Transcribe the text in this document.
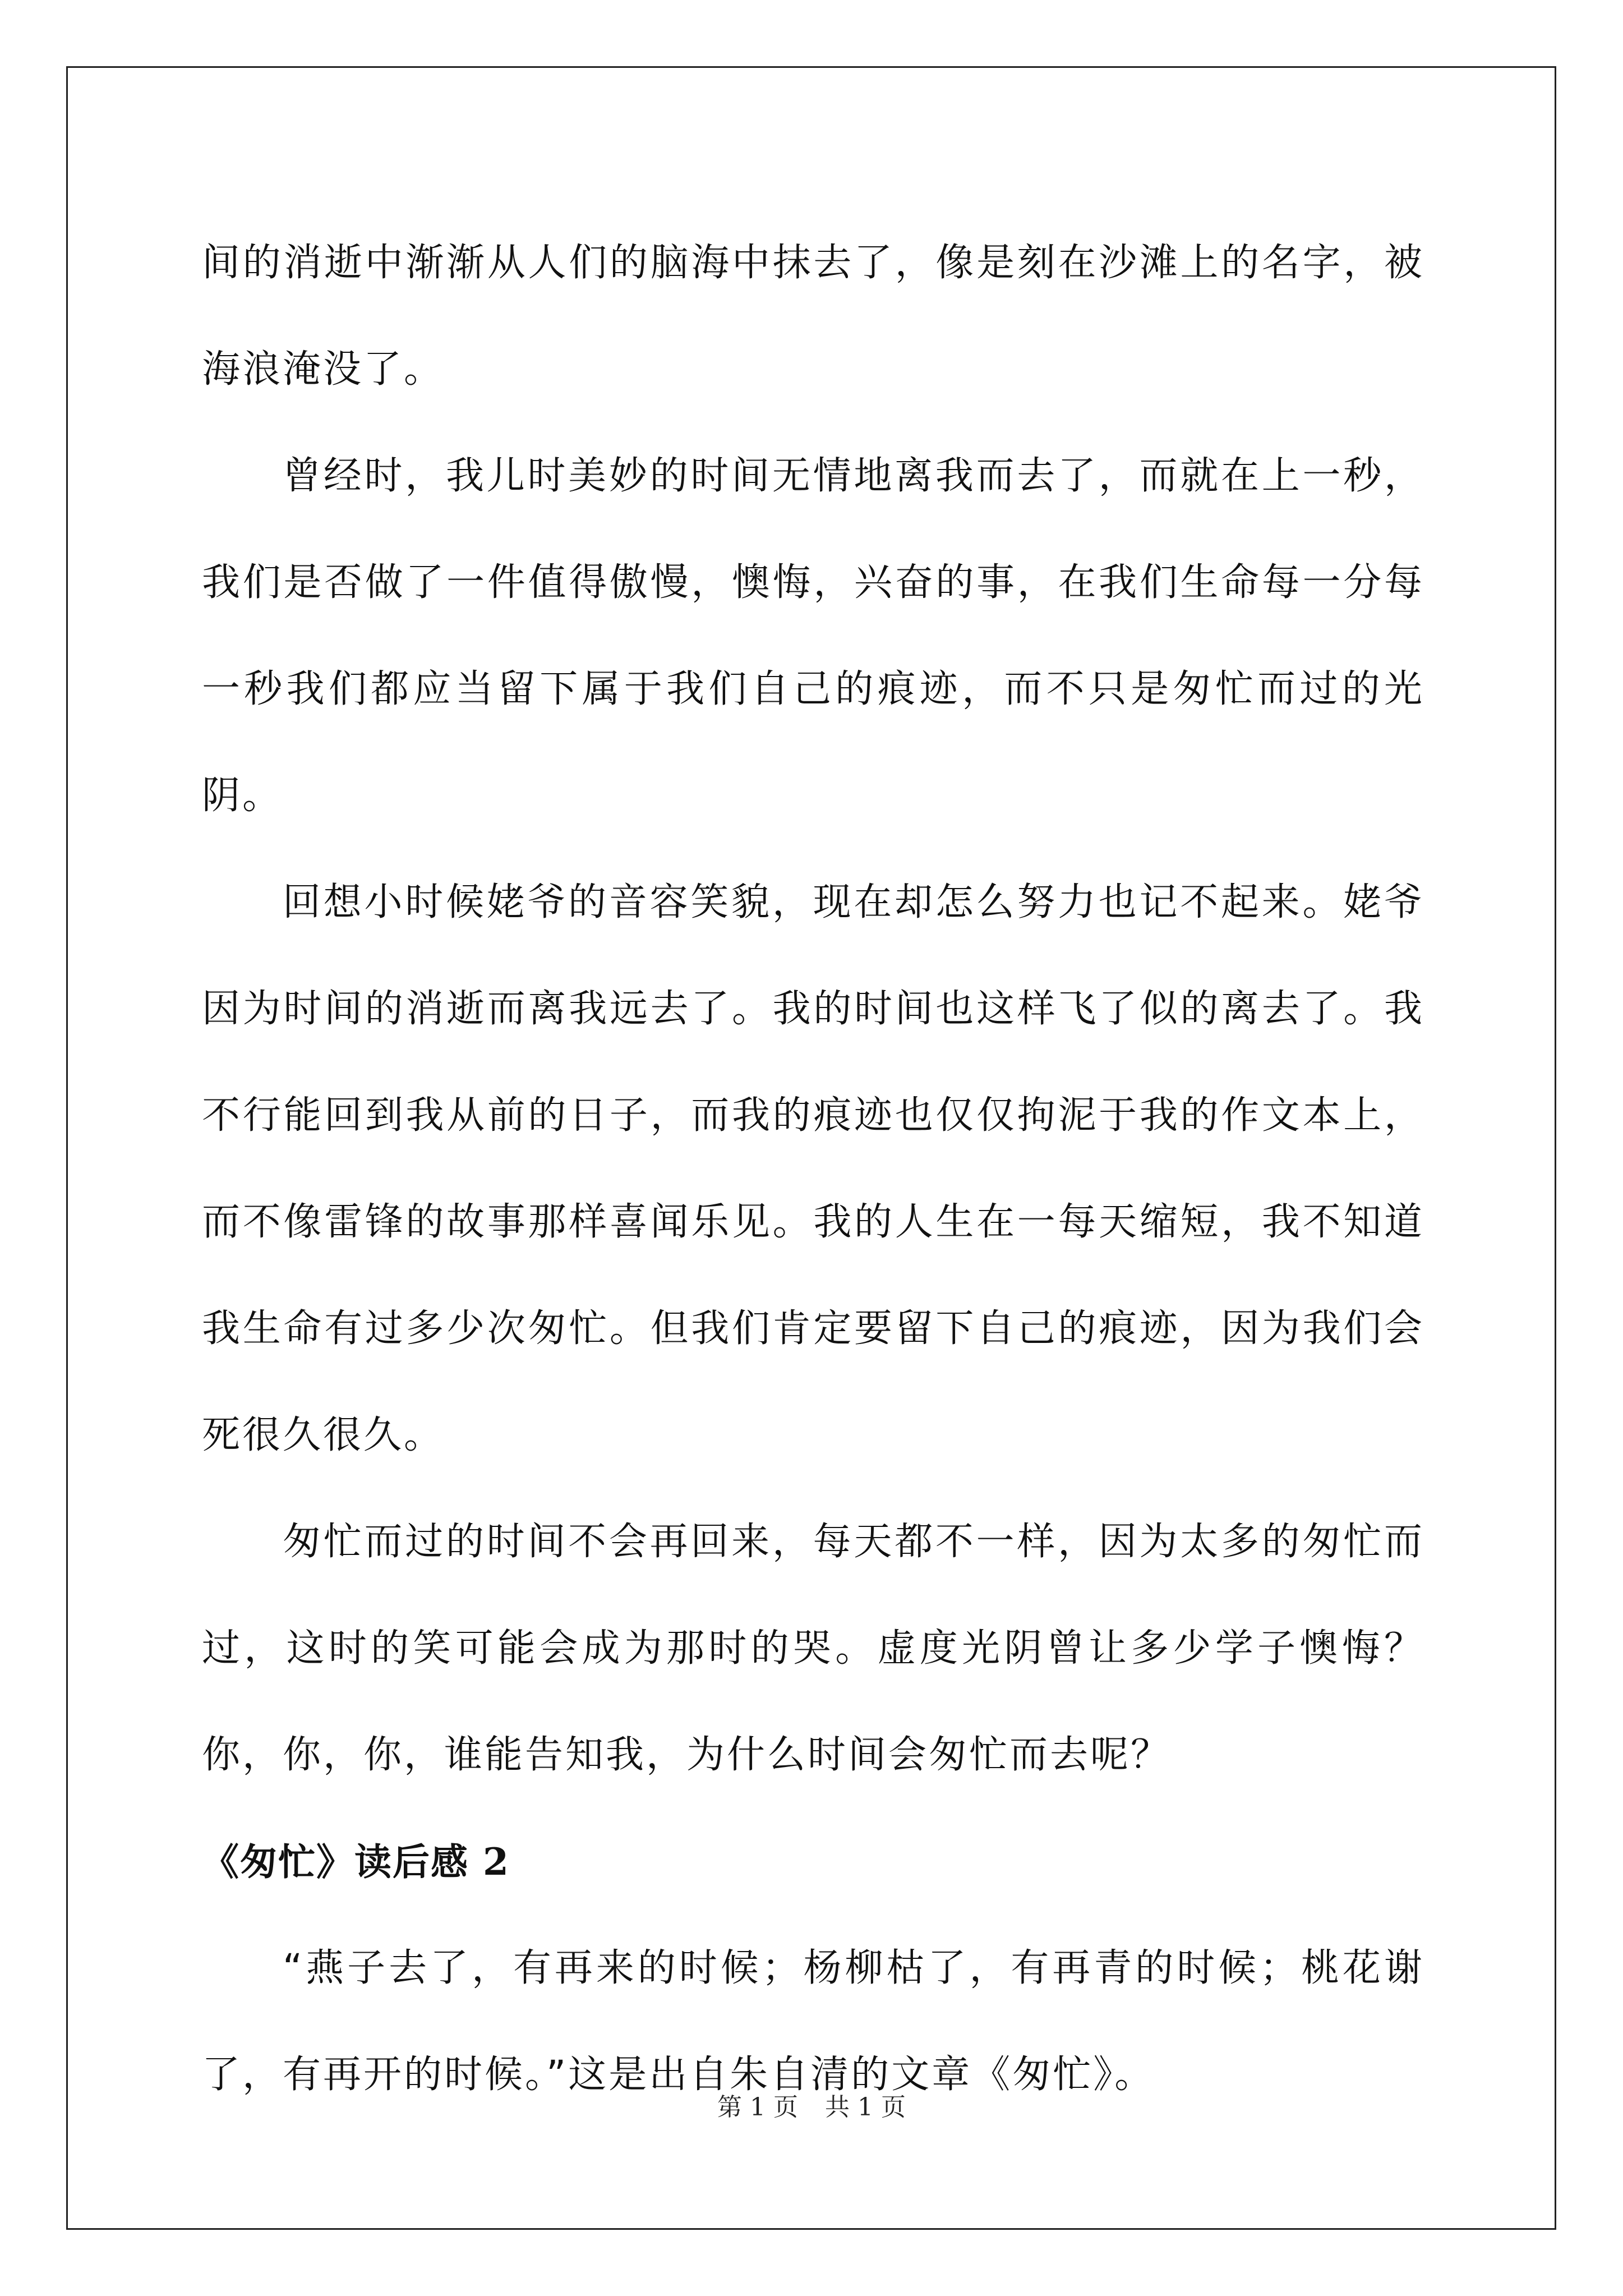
间的消逝中渐渐从人们的脑海中抹去了，像是刻在沙滩上的名字，被海浪淹没了。

曾经时，我儿时美妙的时间无情地离我而去了，而就在上一秒，我们是否做了一件值得傲慢，懊悔，兴奋的事，在我们生命每一分每一秒我们都应当留下属于我们自己的痕迹，而不只是匆忙而过的光阴。

回想小时候姥爷的音容笑貌，现在却怎么努力也记不起来。姥爷因为时间的消逝而离我远去了。我的时间也这样飞了似的离去了。我不行能回到我从前的日子，而我的痕迹也仅仅拘泥于我的作文本上，而不像雷锋的故事那样喜闻乐见。我的人生在一每天缩短，我不知道我生命有过多少次匆忙。但我们肯定要留下自己的痕迹，因为我们会死很久很久。

匆忙而过的时间不会再回来，每天都不一样，因为太多的匆忙而过，这时的笑可能会成为那时的哭。虚度光阴曾让多少学子懊悔？你，你，你，谁能告知我，为什么时间会匆忙而去呢？

《匆忙》读后感 2

“燕子去了，有再来的时候；杨柳枯了，有再青的时候；桃花谢了，有再开的时候。”这是出自朱自清的文章《匆忙》。

第 1 页 共 1 页
